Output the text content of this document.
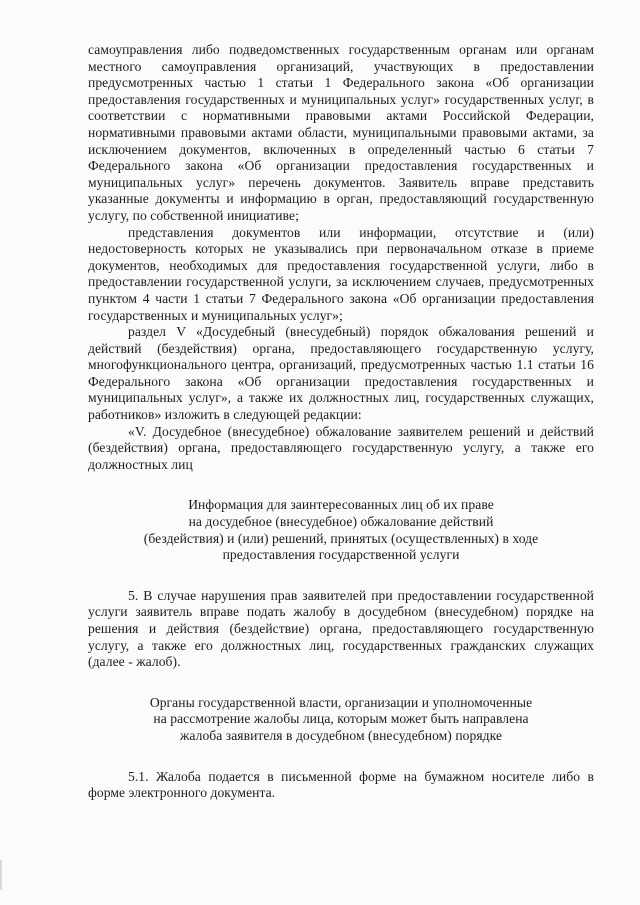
самоуправления либо подведомственных государственным органам или органам местного самоуправления организаций, участвующих в предоставлении предусмотренных частью 1 статьи 1 Федерального закона «Об организации предоставления государственных и муниципальных услуг» государственных услуг, в соответствии с нормативными правовыми актами Российской Федерации, нормативными правовыми актами области, муниципальными правовыми актами, за исключением документов, включенных в определенный частью 6 статьи 7 Федерального закона «Об организации предоставления государственных и муниципальных услуг» перечень документов. Заявитель вправе представить указанные документы и информацию в орган, предоставляющий государственную услугу, по собственной инициативе;

представления документов или информации, отсутствие и (или) недостоверность которых не указывались при первоначальном отказе в приеме документов, необходимых для предоставления государственной услуги, либо в предоставлении государственной услуги, за исключением случаев, предусмотренных пунктом 4 части 1 статьи 7 Федерального закона «Об организации предоставления государственных и муниципальных услуг»;

раздел V «Досудебный (внесудебный) порядок обжалования решений и действий (бездействия) органа, предоставляющего государственную услугу, многофункционального центра, организаций, предусмотренных частью 1.1 статьи 16 Федерального закона «Об организации предоставления государственных и муниципальных услуг», а также их должностных лиц, государственных служащих, работников» изложить в следующей редакции:

«V. Досудебное (внесудебное) обжалование заявителем решений и действий (бездействия) органа, предоставляющего государственную услугу, а также его должностных лиц

Информация для заинтересованных лиц об их праве
на досудебное (внесудебное) обжалование действий
(бездействия) и (или) решений, принятых (осуществленных) в ходе
предоставления государственной услуги

5. В случае нарушения прав заявителей при предоставлении государственной услуги заявитель вправе подать жалобу в досудебном (внесудебном) порядке на решения и действия (бездействие) органа, предоставляющего государственную услугу, а также его должностных лиц, государственных гражданских служащих (далее - жалоб).

Органы государственной власти, организации и уполномоченные
на рассмотрение жалобы лица, которым может быть направлена
жалоба заявителя в досудебном (внесудебном) порядке

5.1. Жалоба подается в письменной форме на бумажном носителе либо в форме электронного документа.
